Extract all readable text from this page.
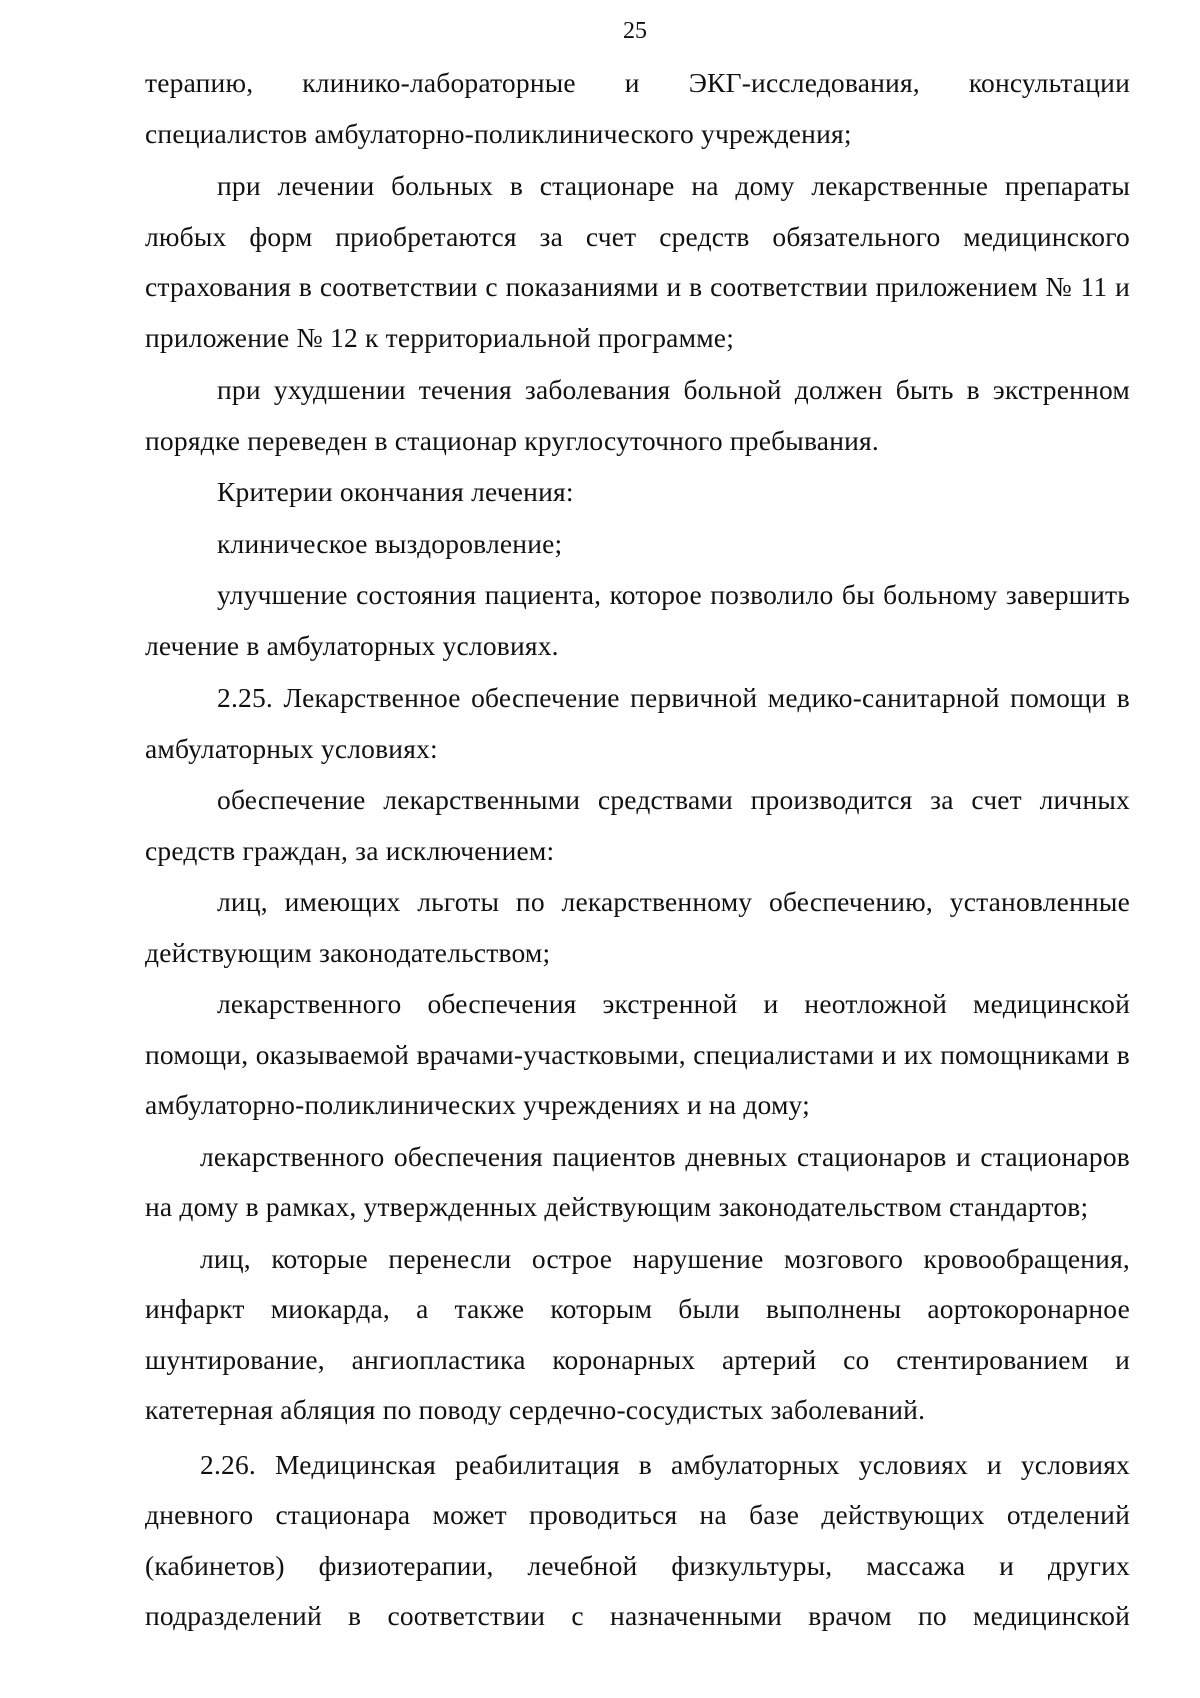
25

терапию, клинико-лабораторные и ЭКГ-исследования, консультации специалистов амбулаторно-поликлинического учреждения;

при лечении больных в стационаре на дому лекарственные препараты любых форм приобретаются за счет средств обязательного медицинского страхования в соответствии с показаниями и в соответствии приложением № 11 и приложение № 12 к территориальной программе;

при ухудшении течения заболевания больной должен быть в экстренном порядке переведен в стационар круглосуточного пребывания.

Критерии окончания лечения:

клиническое выздоровление;

улучшение состояния пациента, которое позволило бы больному завершить лечение в амбулаторных условиях.

2.25. Лекарственное обеспечение первичной медико-санитарной помощи в амбулаторных условиях:

обеспечение лекарственными средствами производится за счет личных средств граждан, за исключением:

лиц, имеющих льготы по лекарственному обеспечению, установленные действующим законодательством;

лекарственного обеспечения экстренной и неотложной медицинской помощи, оказываемой врачами-участковыми, специалистами и их помощниками в амбулаторно-поликлинических учреждениях и на дому;

лекарственного обеспечения пациентов дневных стационаров и стационаров на дому в рамках, утвержденных действующим законодательством стандартов;

лиц, которые перенесли острое нарушение мозгового кровообращения, инфаркт миокарда, а также которым были выполнены аортокоронарное шунтирование, ангиопластика коронарных артерий со стентированием и катетерная абляция по поводу сердечно-сосудистых заболеваний.

2.26. Медицинская реабилитация в амбулаторных условиях и условиях дневного стационара может проводиться на базе действующих отделений (кабинетов) физиотерапии, лечебной физкультуры, массажа и других подразделений в соответствии с назначенными врачом по медицинской
